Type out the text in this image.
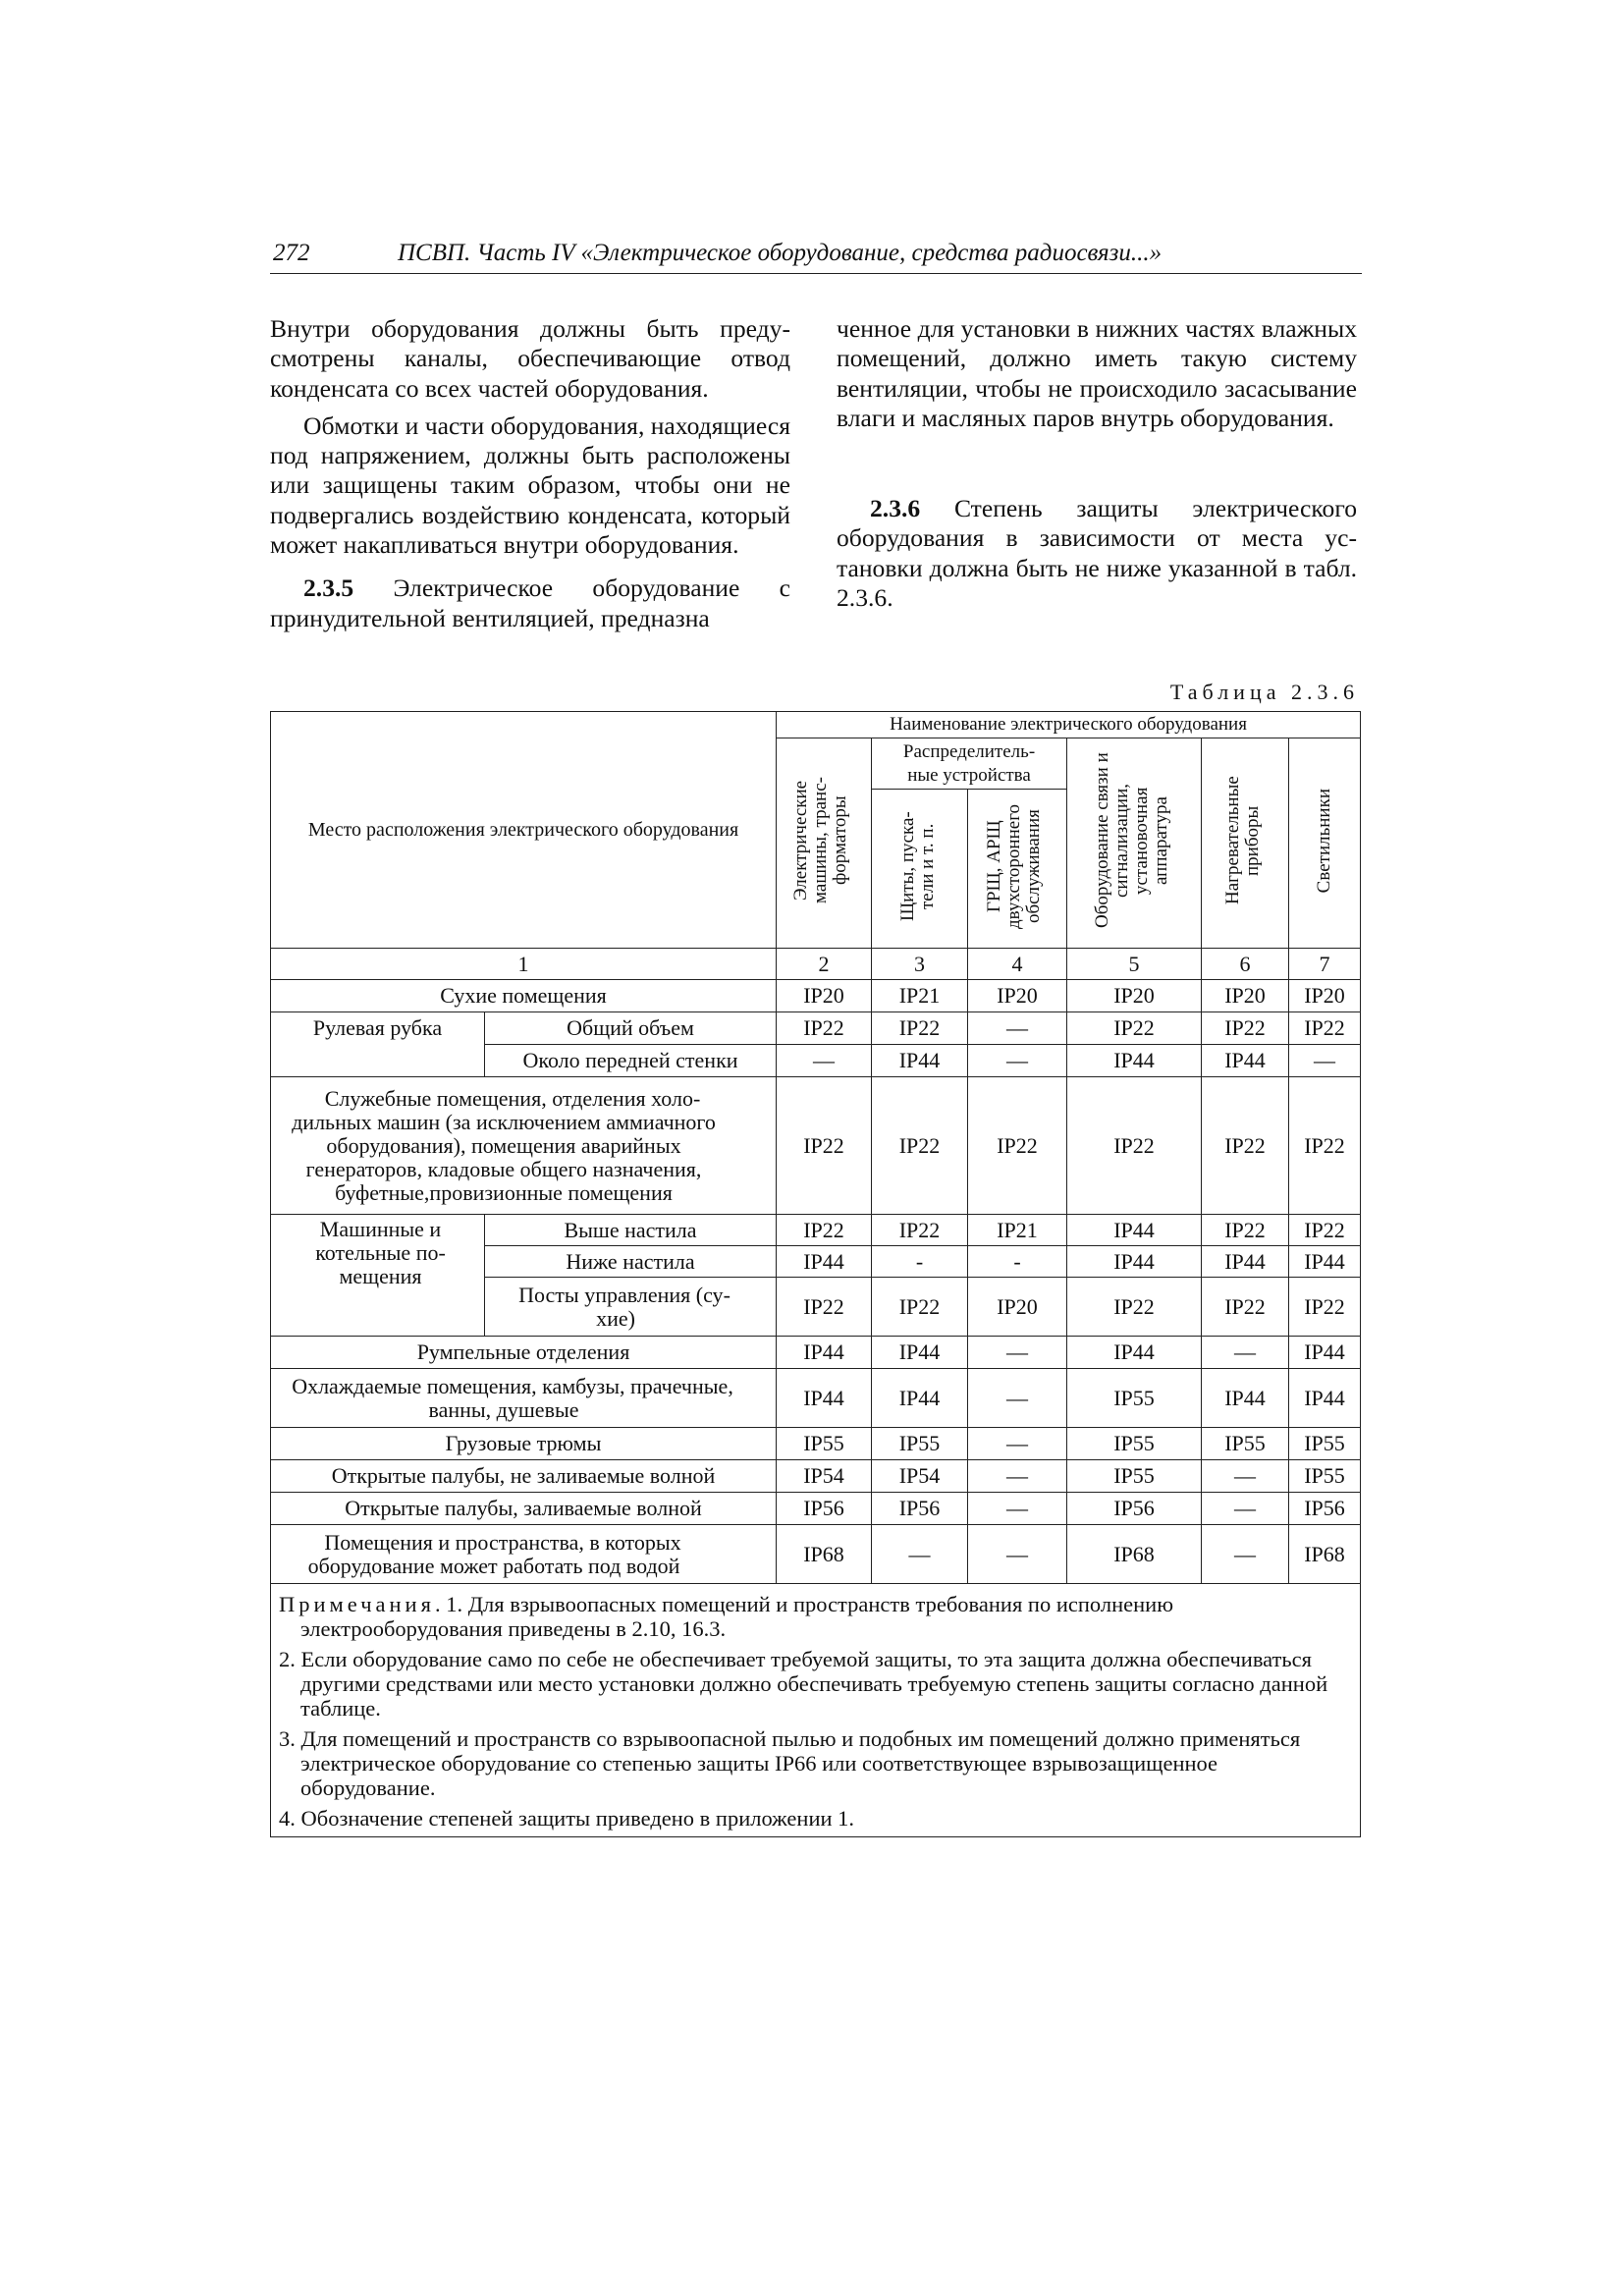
272	ПСВП. Часть IV «Электрическое оборудование, средства радиосвязи...»

Внутри оборудования должны быть предусмотрены каналы, обеспечивающие отвод конденсата со всех частей оборудования.

Обмотки и части оборудования, находящиеся под напряжением, должны быть расположены или защищены таким образом, чтобы они не подвергались воздействию конденсата, который может накапливаться внутри оборудования.

2.3.5 Электрическое оборудование с принудительной вентиляцией, предназна

ченное для установки в нижних частях влажных помещений, должно иметь такую систему вентиляции, чтобы не происходило засасывание влаги и масляных паров внутрь оборудования.

2.3.6 Степень защиты электрического оборудования в зависимости от места установки должна быть не ниже указанной в табл. 2.3.6.

Таблица 2.3.6
Место расположения электрического оборудования		Наименование электрического оборудования					
		Электрические машины, трансформаторы	Распределительные устройства		Оборудование связи и сигнализации, установочная аппаратура	Нагревательные приборы	Светильники
			Щиты, пускатели и т. п.	ГРЩ, АРЩ двухстороннего обслуживания			
1		2	3	4	5	6	7
Сухие помещения		IP20	IP21	IP20	IP20	IP20	IP20
Рулевая рубка	Общий объем	IP22	IP22	—	IP22	IP22	IP22
	Около передней стенки	—	IP44	—	IP44	IP44	—
Служебные помещения, отделения холодильных машин (за исключением аммиачного оборудования), помещения аварийных генераторов, кладовые общего назначения, буфетные,провизионные помещения		IP22	IP22	IP22	IP22	IP22	IP22
Машинные и котельные помещения	Выше настила	IP22	IP22	IP21	IP44	IP22	IP22
	Ниже настила	IP44	-	-	IP44	IP44	IP44
	Посты управления (сухие)	IP22	IP22	IP20	IP22	IP22	IP22
Румпельные отделения		IP44	IP44	—	IP44	—	IP44
Охлаждаемые помещения, камбузы, прачечные, ванны, душевые		IP44	IP44	—	IP55	IP44	IP44
Грузовые трюмы		IP55	IP55	—	IP55	IP55	IP55
Открытые палубы, не заливаемые волной		IP54	IP54	—	IP55	—	IP55
Открытые палубы, заливаемые волной		IP56	IP56	—	IP56	—	IP56
Помещения и пространства, в которых оборудование может работать под водой		IP68	—	—	IP68	—	IP68

Примечания. 1. Для взрывоопасных помещений и пространств требования по исполнению электрооборудования приведены в 2.10, 16.3.

2. Если оборудование само по себе не обеспечивает требуемой защиты, то эта защита должна обеспечиваться другими средствами или место установки должно обеспечивать требуемую степень защиты согласно данной таблице.

3. Для помещений и пространств со взрывоопасной пылью и подобных им помещений должно применяться электрическое оборудование со степенью защиты IP66 или соответствующее взрывозащищенное оборудование.

4. Обозначение степеней защиты приведено в приложении 1.
